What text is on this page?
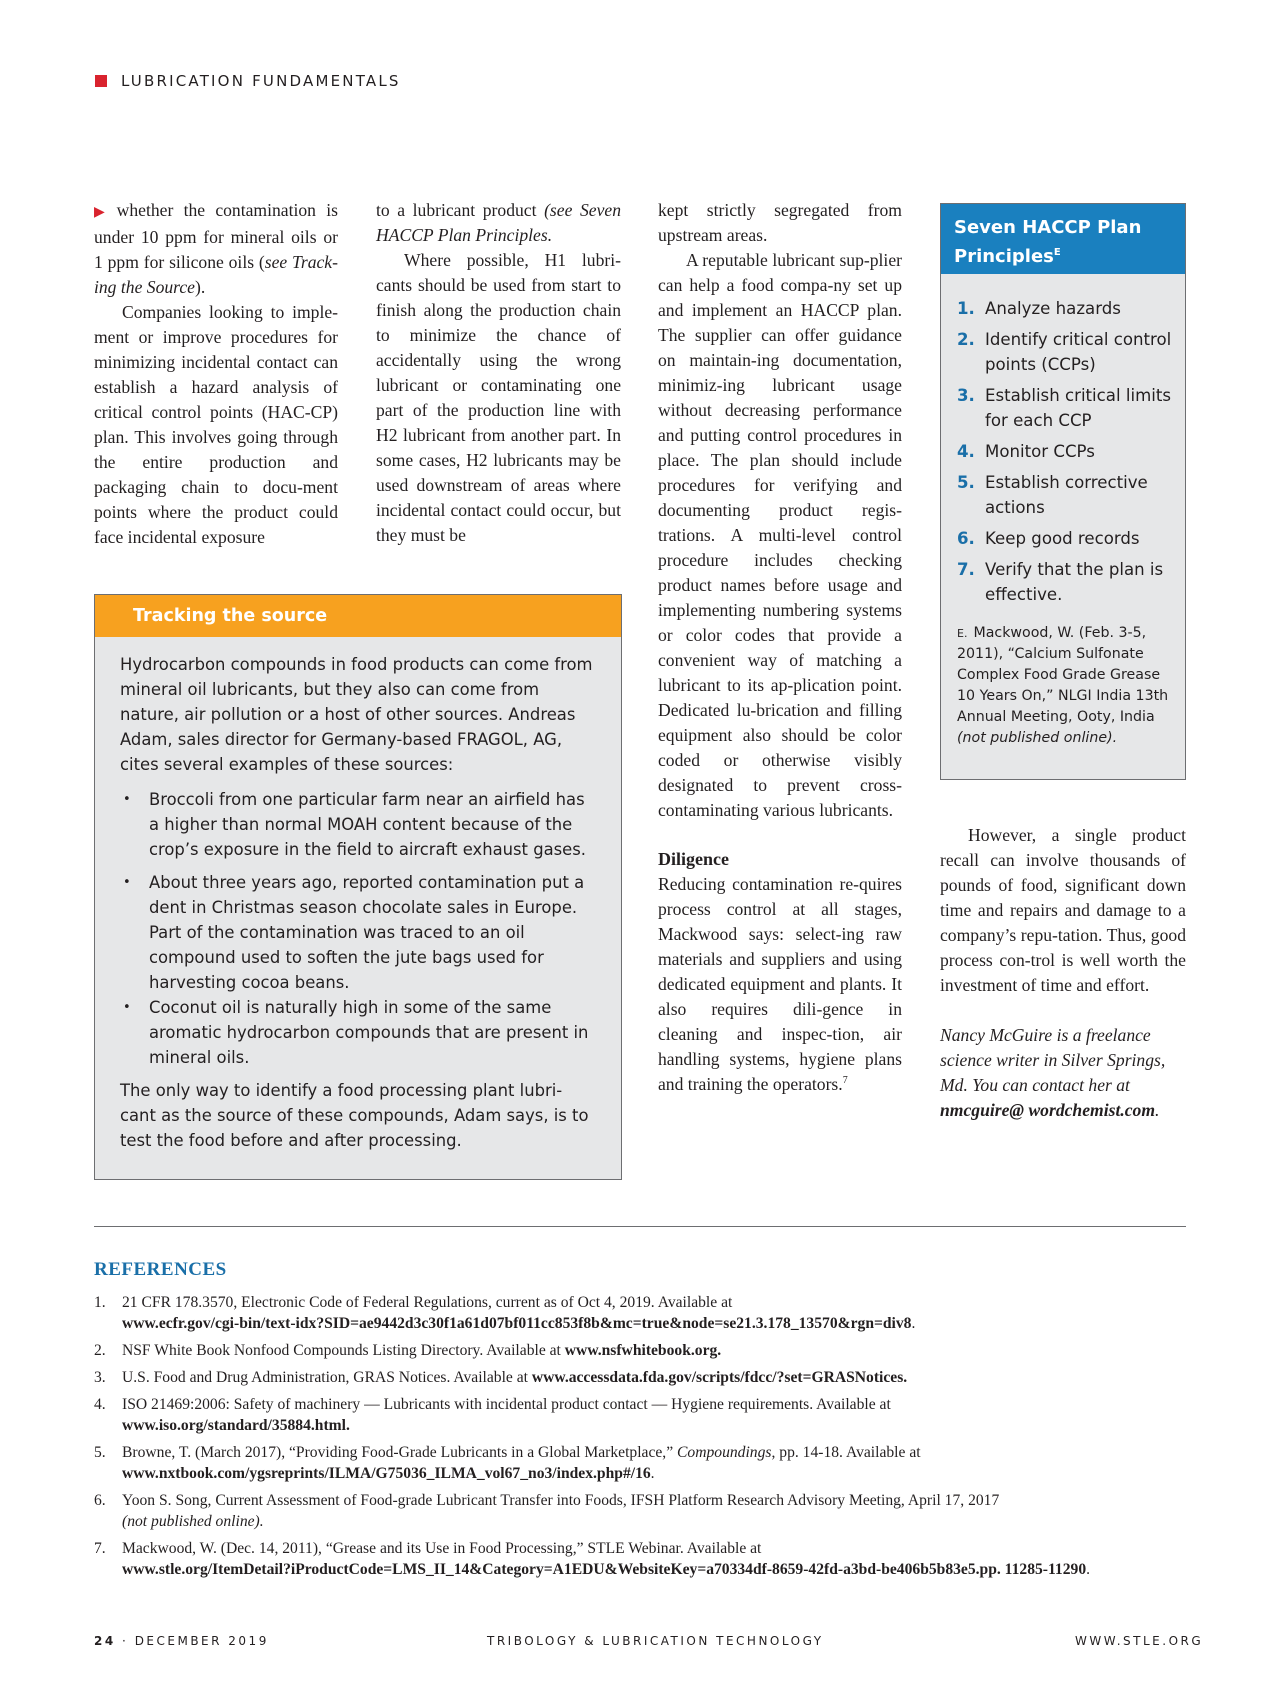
LUBRICATION FUNDAMENTALS

▶ whether the contamination is under 10 ppm for mineral oils or 1 ppm for silicone oils (see Track-ing the Source).

Companies looking to imple-ment or improve procedures for minimizing incidental contact can establish a hazard analysis of critical control points (HAC-CP) plan. This involves going through the entire production and packaging chain to docu-ment points where the product could face incidental exposure

to a lubricant product (see Seven HACCP Plan Principles.

Where possible, H1 lubri-cants should be used from start to finish along the production chain to minimize the chance of accidentally using the wrong lubricant or contaminating one part of the production line with H2 lubricant from another part. In some cases, H2 lubricants may be used downstream of areas where incidental contact could occur, but they must be

kept strictly segregated from upstream areas.

A reputable lubricant sup-plier can help a food compa-ny set up and implement an HACCP plan. The supplier can offer guidance on maintain-ing documentation, minimiz-ing lubricant usage without decreasing performance and putting control procedures in place. The plan should include procedures for verifying and documenting product regis-trations. A multi-level control procedure includes checking product names before usage and implementing numbering systems or color codes that provide a convenient way of matching a lubricant to its ap-plication point. Dedicated lu-brication and filling equipment also should be color coded or otherwise visibly designated to prevent cross-contaminating various lubricants.

Diligence

Reducing contamination re-quires process control at all stages, Mackwood says: select-ing raw materials and suppliers and using dedicated equipment and plants. It also requires dili-gence in cleaning and inspec-tion, air handling systems, hygiene plans and training the operators.$^7$

However, a single product recall can involve thousands of pounds of food, significant down time and repairs and damage to a company’s repu-tation. Thus, good process con-trol is well worth the investment of time and effort.

Nancy McGuire is a freelance science writer in Silver Springs, Md. You can contact her at nmcguire@ wordchemist.com.

Tracking the source

Hydrocarbon compounds in food products can come from mineral oil lubricants, but they also can come from nature, air pollution or a host of other sources. Andreas Adam, sales director for Germany-based FRAGOL, AG, cites several examples of these sources:

• Broccoli from one particular farm near an airfield has a higher than normal MOAH content because of the crop’s exposure in the field to aircraft exhaust gases.
• About three years ago, reported contamination put a dent in Christmas season chocolate sales in Europe. Part of the contamination was traced to an oil compound used to soften the jute bags used for harvesting cocoa beans.
• Coconut oil is naturally high in some of the same aromatic hydrocarbon compounds that are present in mineral oils.

The only way to identify a food processing plant lubri-cant as the source of these compounds, Adam says, is to test the food before and after processing.

Seven HACCP Plan
Principles$^E$
1. Analyze hazards
2. Identify critical control points (CCPs)
3. Establish critical limits for each CCP
4. Monitor CCPs
5. Establish corrective actions
6. Keep good records
7. Verify that the plan is effective.
E. Mackwood, W. (Feb. 3-5, 2011), “Calcium Sulfonate Complex Food Grade Grease 10 Years On,” NLGI India 13th Annual Meeting, Ooty, India (not published online).
REFERENCES
1.	21 CFR 178.3570, Electronic Code of Federal Regulations, current as of Oct 4, 2019. Available at
www.ecfr.gov/cgi-bin/text-idx?SID=ae9442d3c30f1a61d07bf011cc853f8b&mc=true&node=se21.3.178_13570&rgn=div8.
2.	NSF White Book Nonfood Compounds Listing Directory. Available at www.nsfwhitebook.org.
3.	U.S. Food and Drug Administration, GRAS Notices. Available at www.accessdata.fda.gov/scripts/fdcc/?set=GRASNotices.
4.	ISO 21469:2006: Safety of machinery — Lubricants with incidental product contact — Hygiene requirements. Available at
www.iso.org/standard/35884.html.
5.	Browne, T. (March 2017), “Providing Food-Grade Lubricants in a Global Marketplace,” Compoundings, pp. 14-18. Available at
www.nxtbook.com/ygsreprints/ILMA/G75036_ILMA_vol67_no3/index.php#/16.
6.	Yoon S. Song, Current Assessment of Food-grade Lubricant Transfer into Foods, IFSH Platform Research Advisory Meeting, April 17, 2017
(not published online).
7.	Mackwood, W. (Dec. 14, 2011), “Grease and its Use in Food Processing,” STLE Webinar. Available at
www.stle.org/ItemDetail?iProductCode=LMS_II_14&Category=A1EDU&WebsiteKey=a70334df-8659-42fd-a3bd-be406b5b83e5.pp. 11285-11290.
24 · DECEMBER 2019	TRIBOLOGY & LUBRICATION TECHNOLOGY	WWW.STLE.ORG
